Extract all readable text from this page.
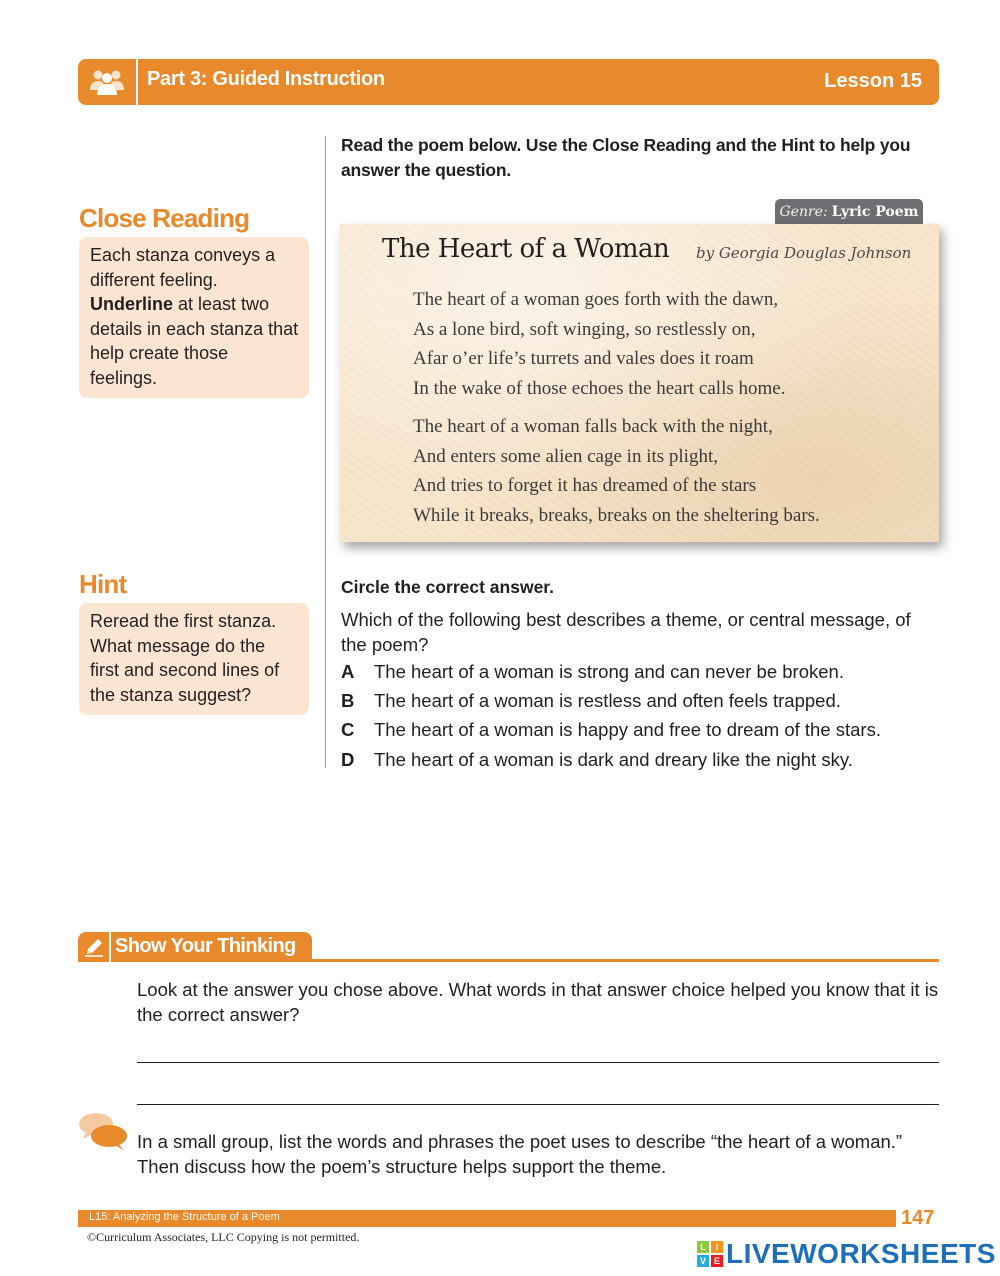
Part 3: Guided Instruction	Lesson 15
Read the poem below. Use the Close Reading and the Hint to help you answer the question.
Close Reading
Each stanza conveys a different feeling. Underline at least two details in each stanza that help create those feelings.
Hint
Reread the first stanza. What message do the first and second lines of the stanza suggest?
Genre: Lyric Poem
The Heart of a Woman by Georgia Douglas Johnson
The heart of a woman goes forth with the dawn,
As a lone bird, soft winging, so restlessly on,
Afar o’er life’s turrets and vales does it roam
In the wake of those echoes the heart calls home.
The heart of a woman falls back with the night,
And enters some alien cage in its plight,
And tries to forget it has dreamed of the stars
While it breaks, breaks, breaks on the sheltering bars.
Circle the correct answer.
Which of the following best describes a theme, or central message, of the poem?
A	The heart of a woman is strong and can never be broken.
B	The heart of a woman is restless and often feels trapped.
C	The heart of a woman is happy and free to dream of the stars.
D	The heart of a woman is dark and dreary like the night sky.
Show Your Thinking
Look at the answer you chose above. What words in that answer choice helped you know that it is the correct answer?
In a small group, list the words and phrases the poet uses to describe “the heart of a woman.” Then discuss how the poem’s structure helps support the theme.
L15: Analyzing the Structure of a Poem	147
©Curriculum Associates, LLC Copying is not permitted.
L	I
V E LIVEWORKSHEETS
